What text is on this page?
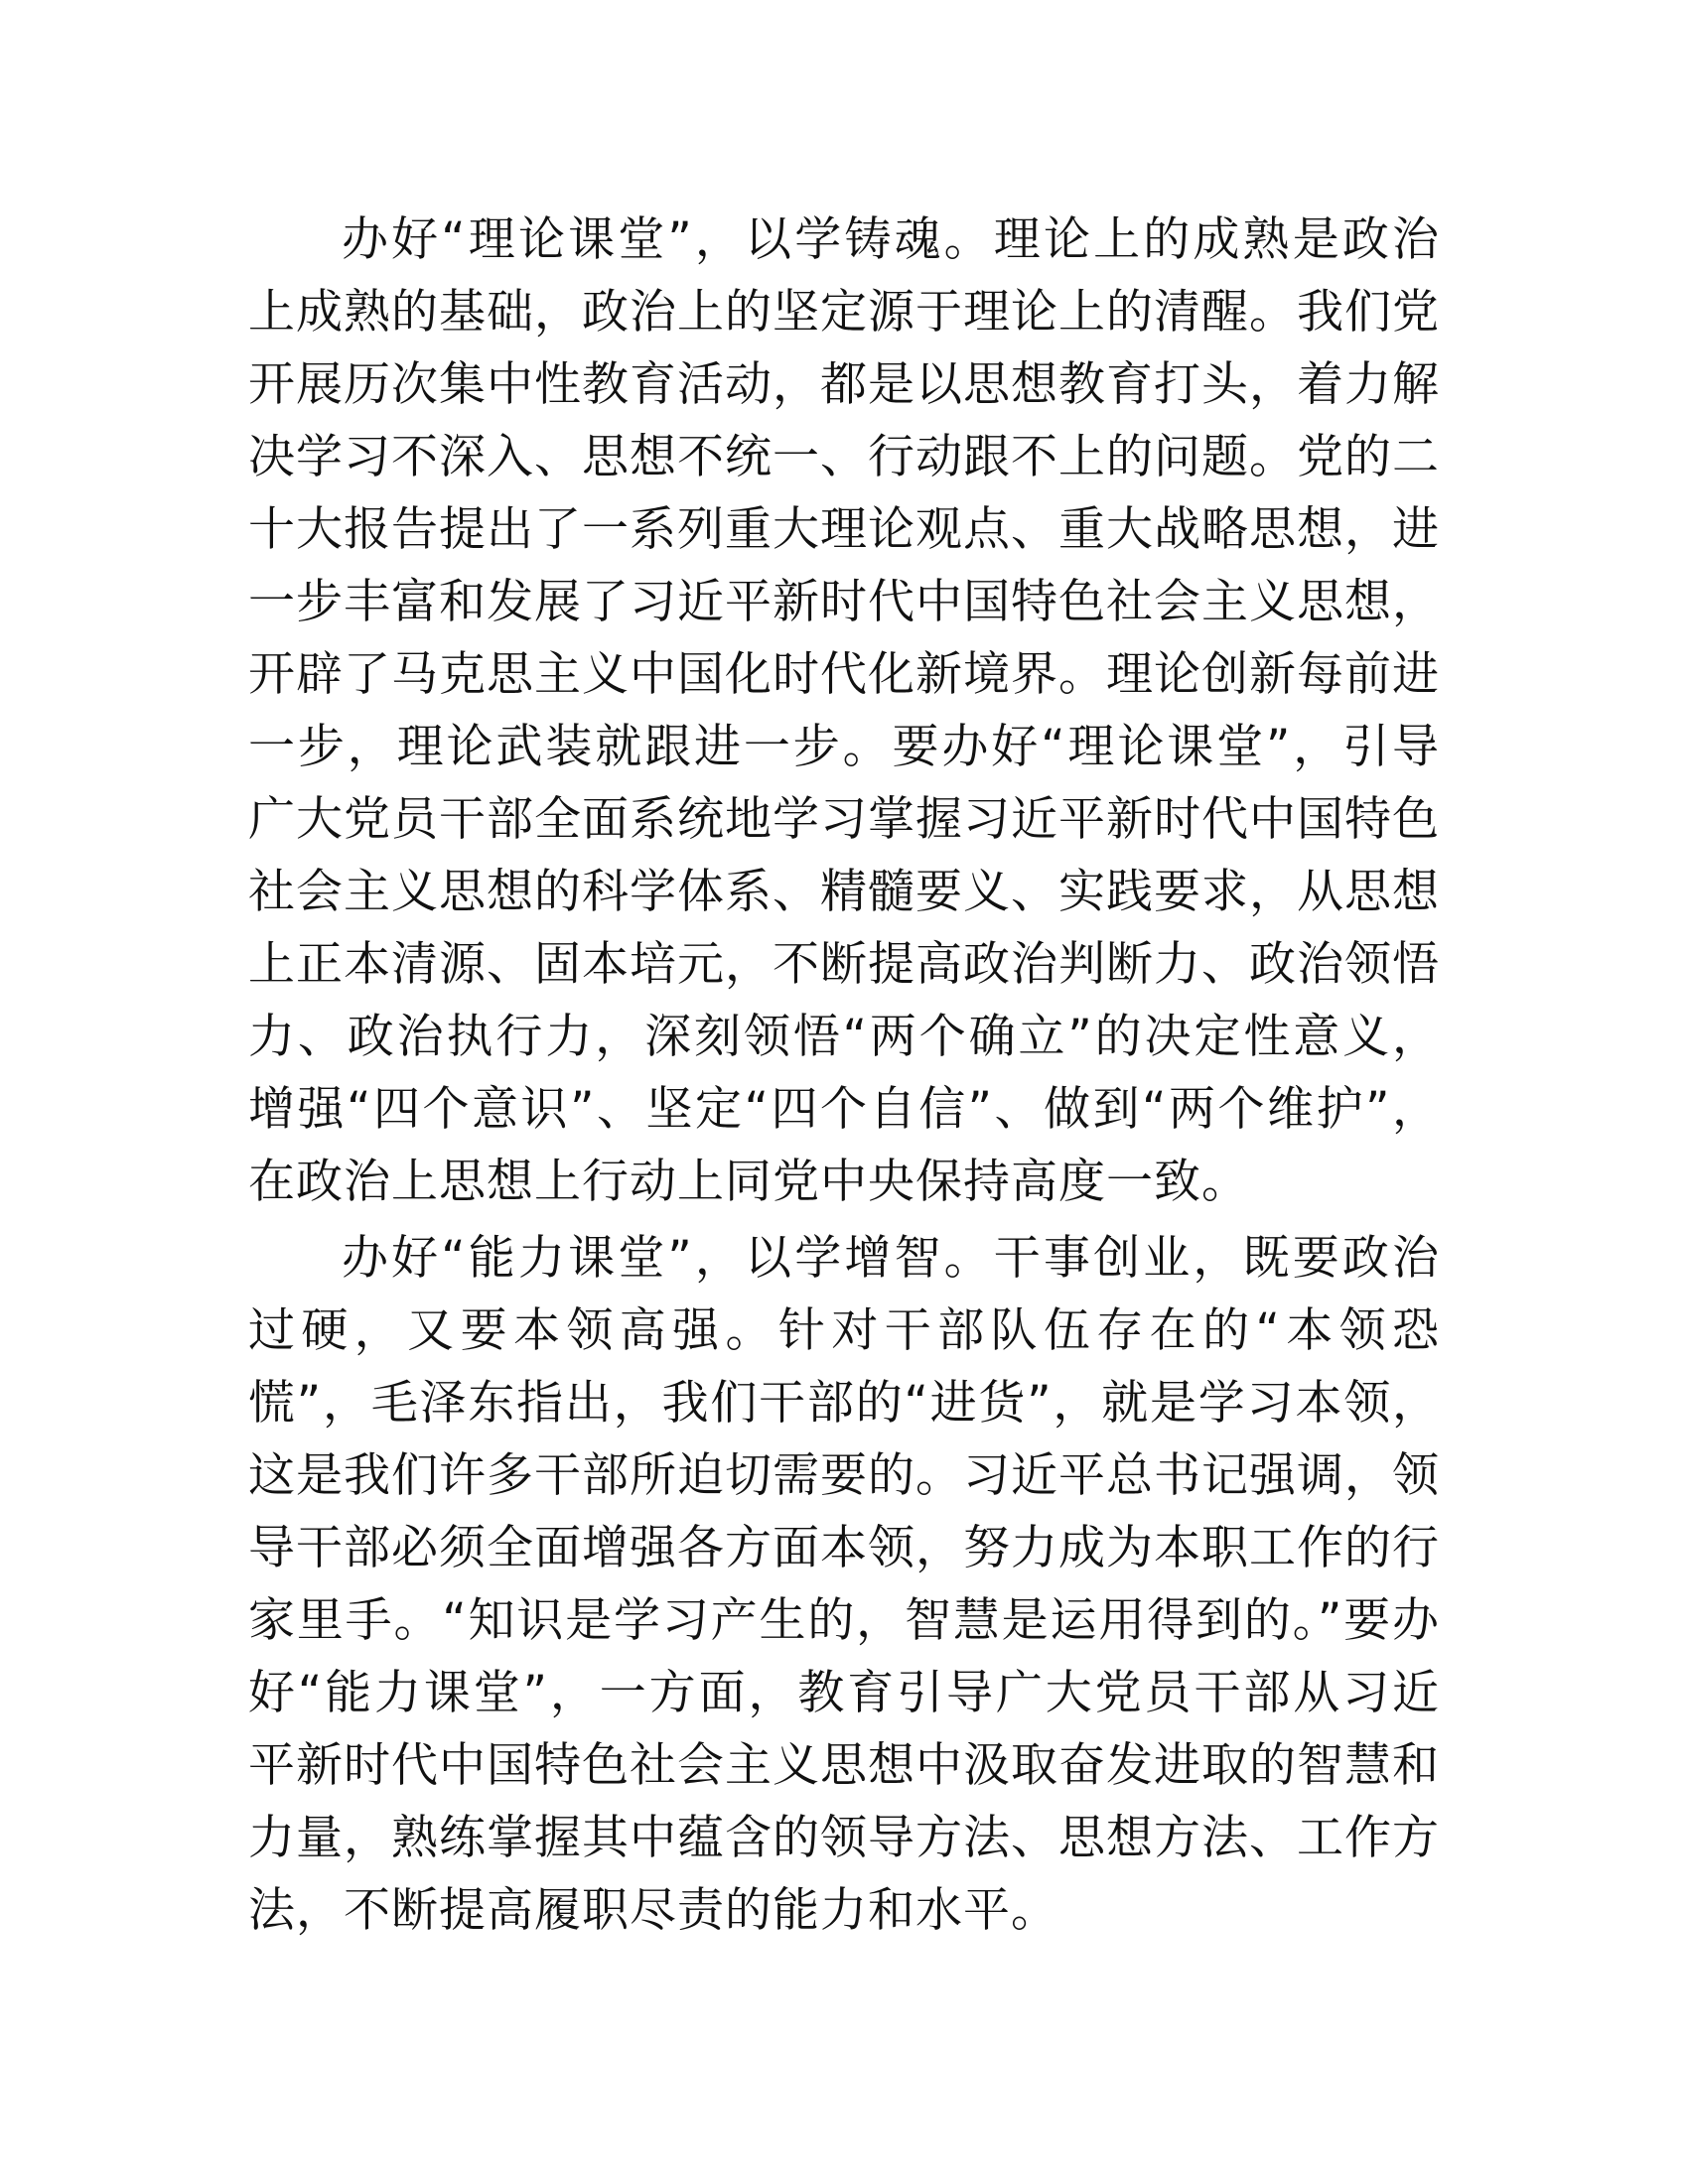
办好“理论课堂”，以学铸魂。理论上的成熟是政治上成熟的基础，政治上的坚定源于理论上的清醒。我们党开展历次集中性教育活动，都是以思想教育打头，着力解决学习不深入、思想不统一、行动跟不上的问题。党的二十大报告提出了一系列重大理论观点、重大战略思想，进一步丰富和发展了习近平新时代中国特色社会主义思想，开辟了马克思主义中国化时代化新境界。理论创新每前进一步，理论武装就跟进一步。要办好“理论课堂”，引导广大党员干部全面系统地学习掌握习近平新时代中国特色社会主义思想的科学体系、精髓要义、实践要求，从思想上正本清源、固本培元，不断提高政治判断力、政治领悟力、政治执行力，深刻领悟“两个确立”的决定性意义，增强“四个意识”、坚定“四个自信”、做到“两个维护”，在政治上思想上行动上同党中央保持高度一致。

办好“能力课堂”，以学增智。干事创业，既要政治过硬，又要本领高强。针对干部队伍存在的“本领恐慌”，毛泽东指出，我们干部的“进货”，就是学习本领，这是我们许多干部所迫切需要的。习近平总书记强调，领导干部必须全面增强各方面本领，努力成为本职工作的行家里手。“知识是学习产生的，智慧是运用得到的。”要办好“能力课堂”，一方面，教育引导广大党员干部从习近平新时代中国特色社会主义思想中汲取奋发进取的智慧和力量，熟练掌握其中蕴含的领导方法、思想方法、工作方法，不断提高履职尽责的能力和水平。
